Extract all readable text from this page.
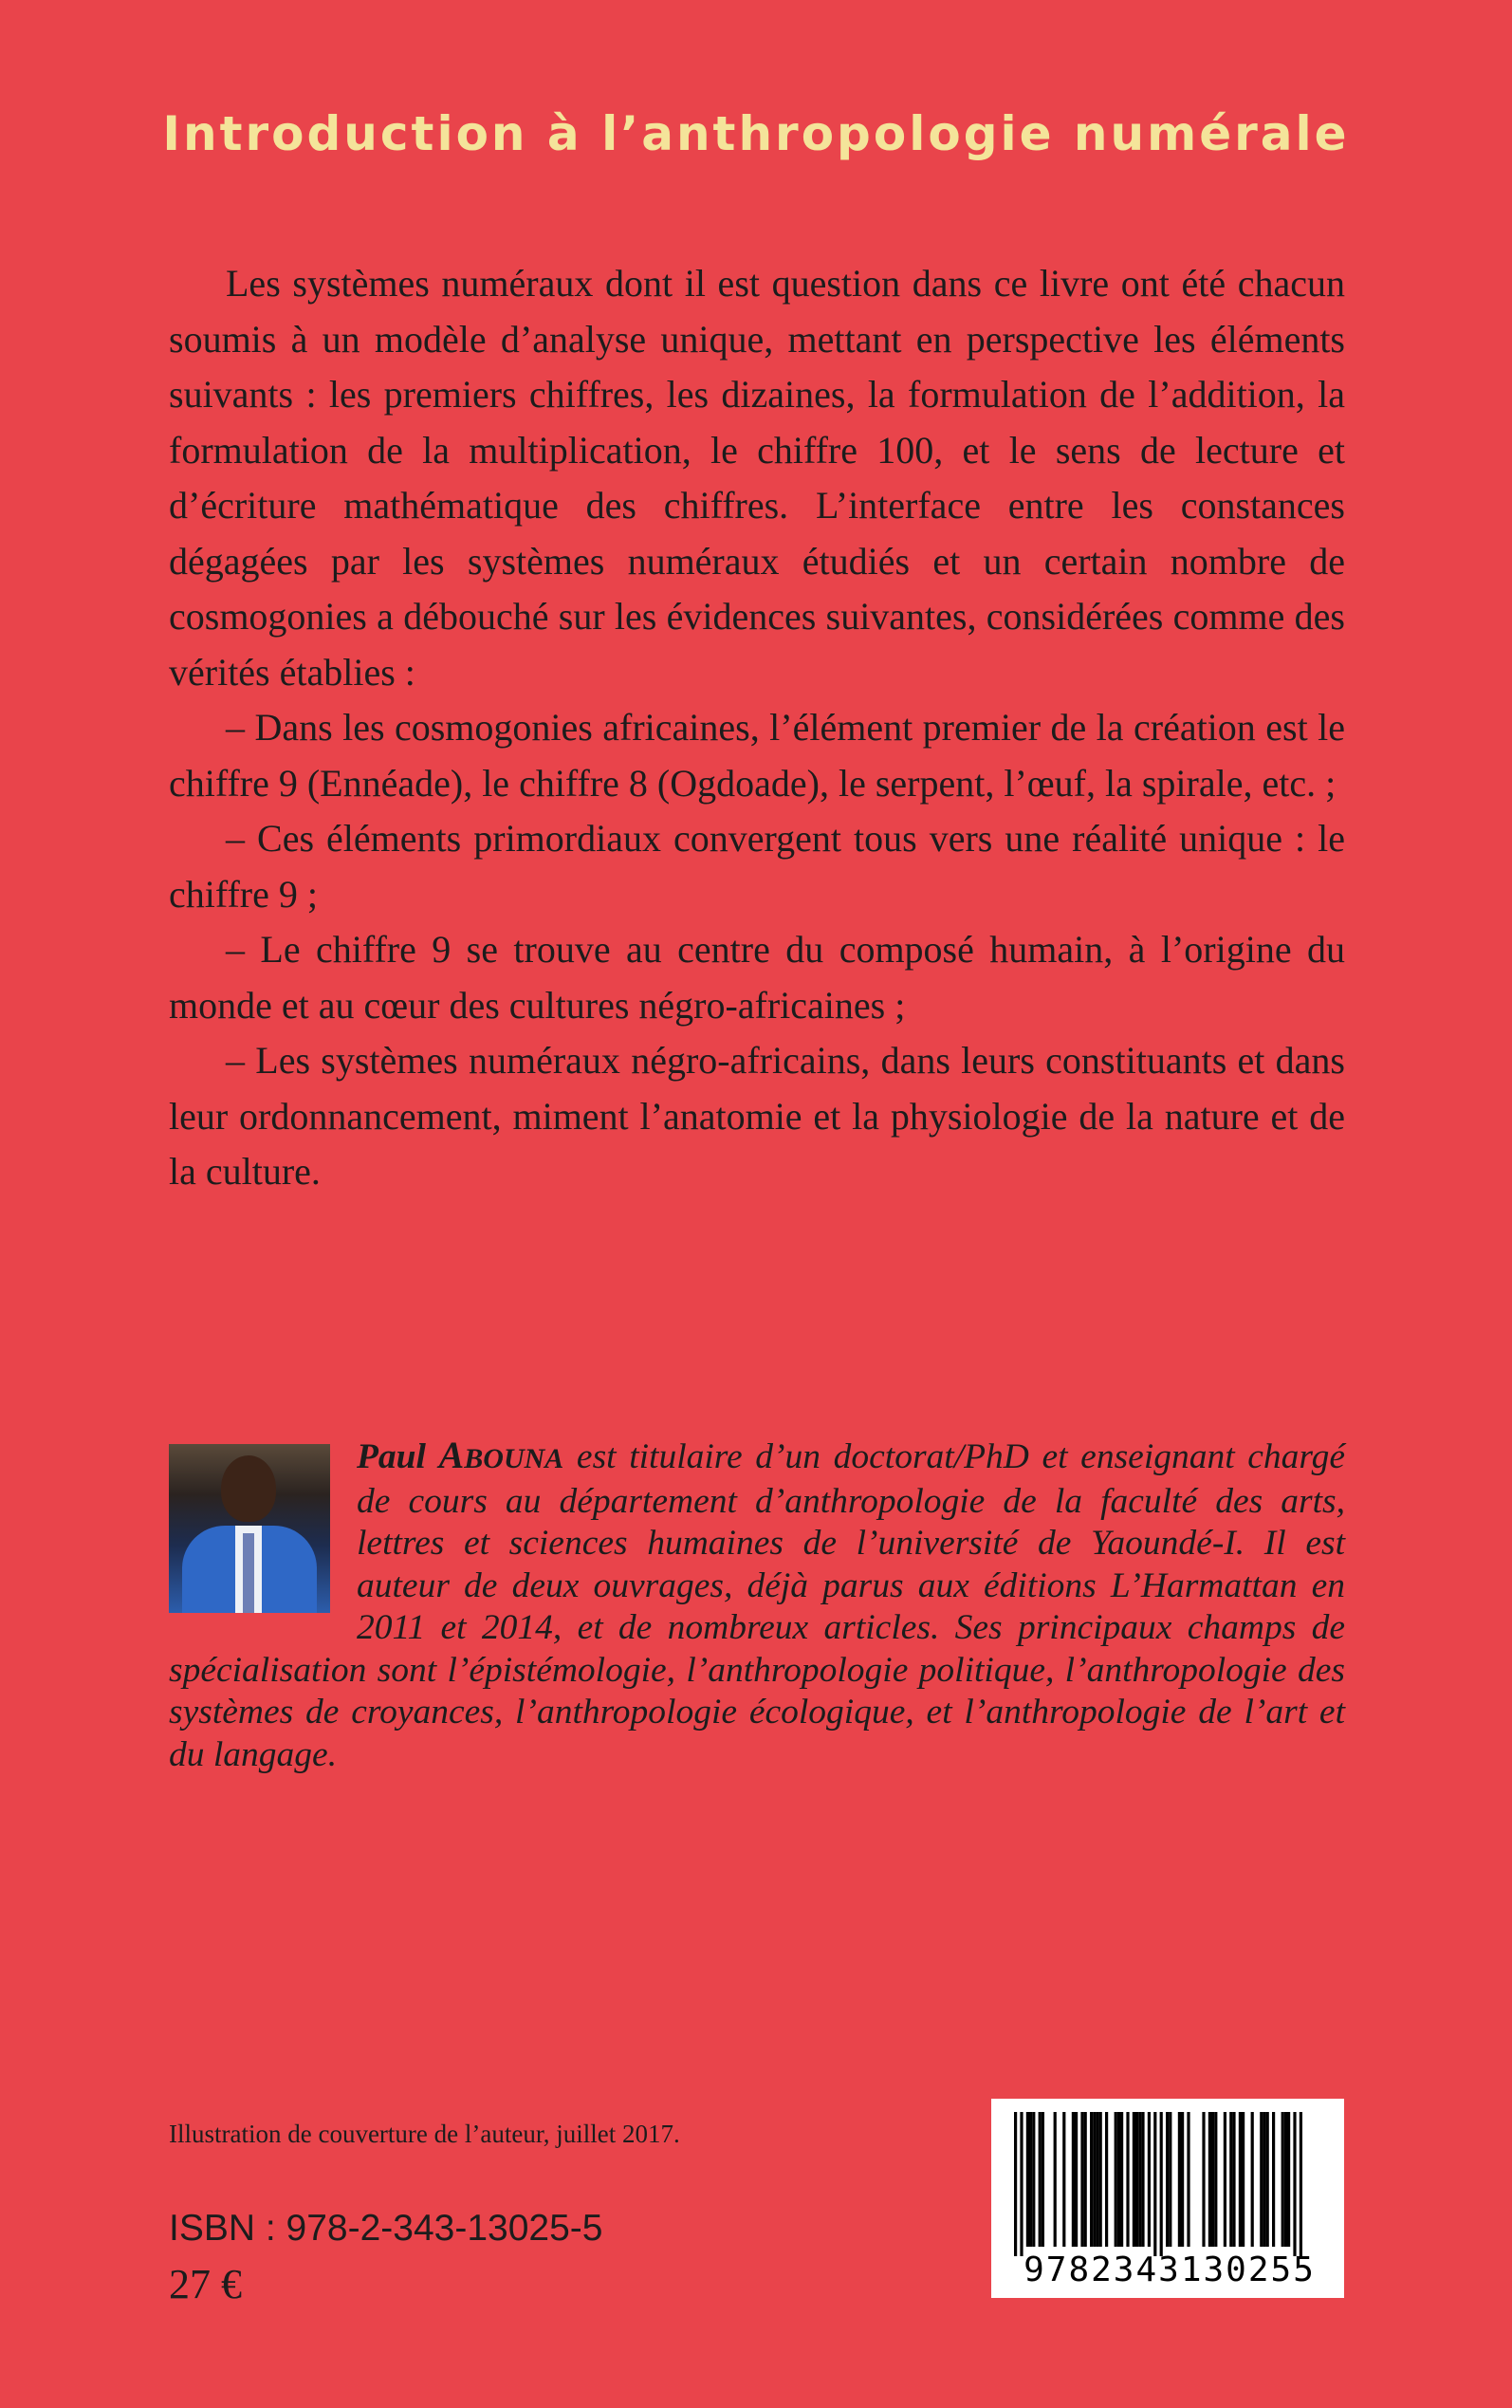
Introduction à l’anthropologie numérale

Les systèmes numéraux dont il est question dans ce livre ont été chacun soumis à un modèle d’analyse unique, mettant en perspective les éléments suivants : les premiers chiffres, les dizaines, la formulation de l’addition, la formulation de la multiplication, le chiffre 100, et le sens de lecture et d’écriture mathématique des chiffres. L’interface entre les constances dégagées par les systèmes numéraux étudiés et un certain nombre de cosmogonies a débouché sur les évidences suivantes, considérées comme des vérités établies :

– Dans les cosmogonies africaines, l’élément premier de la création est le chiffre 9 (Ennéade), le chiffre 8 (Ogdoade), le serpent, l’œuf, la spirale, etc. ;

– Ces éléments primordiaux convergent tous vers une réalité unique : le chiffre 9 ;

– Le chiffre 9 se trouve au centre du composé humain, à l’origine du monde et au cœur des cultures négro-africaines ;

– Les systèmes numéraux négro-africains, dans leurs constituants et dans leur ordonnancement, miment l’anatomie et la physiologie de la nature et de la culture.

Paul ABOUNA est titulaire d’un doctorat/PhD et enseignant chargé de cours au département d’anthropologie de la faculté des arts, lettres et sciences humaines de l’université de Yaoundé-I. Il est auteur de deux ouvrages, déjà parus aux éditions L’Harmattan en 2011 et 2014, et de nombreux articles. Ses principaux champs de spécialisation sont l’épistémologie, l’anthropologie politique, l’anthropologie des systèmes de croyances, l’anthropologie écologique, et l’anthropologie de l’art et du langage.

Illustration de couverture de l’auteur, juillet 2017.

ISBN : 978-2-343-13025-5

27 €	9782343130255
